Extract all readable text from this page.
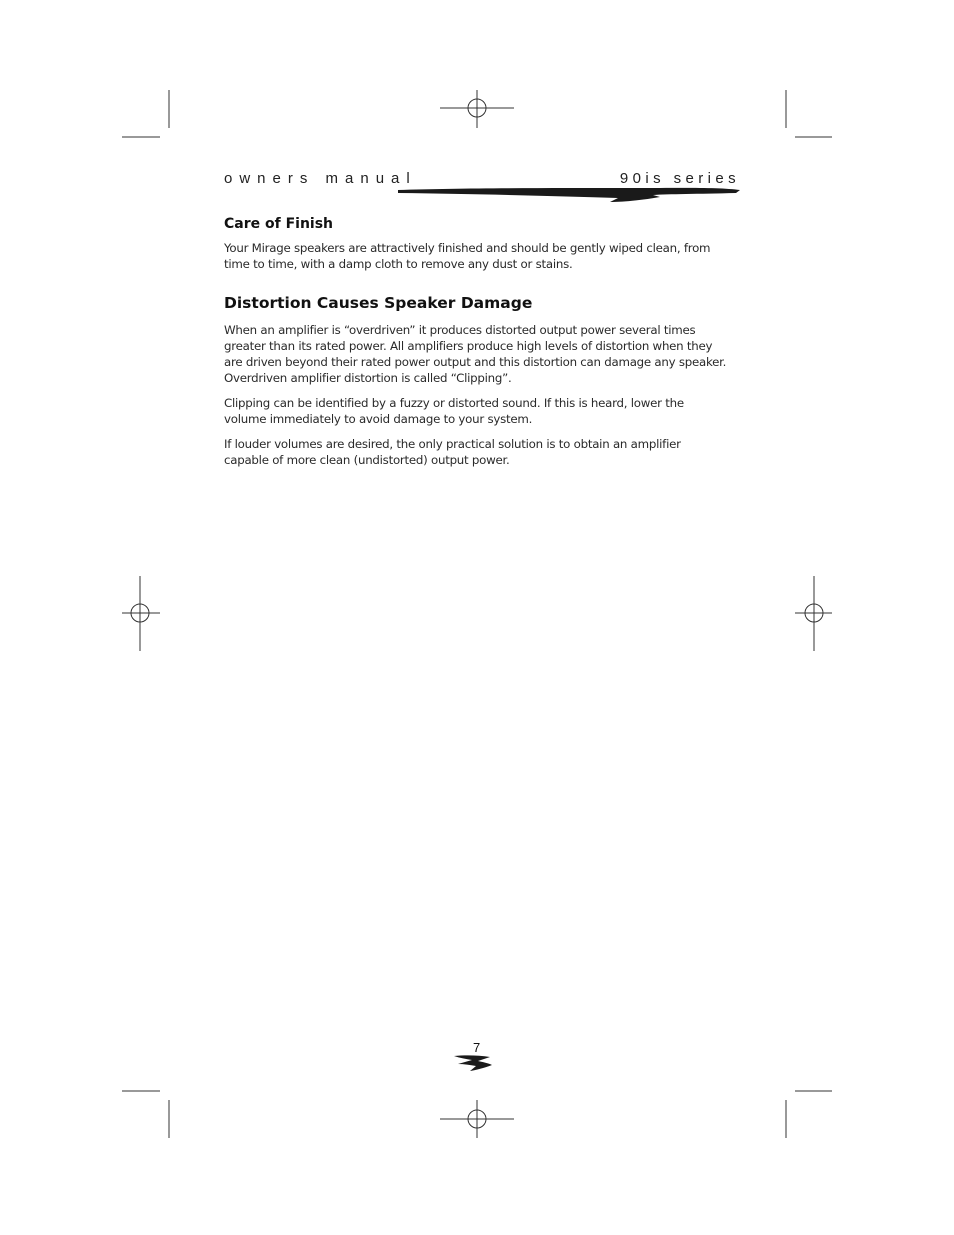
owners manual	90is series
Care of Finish

Your Mirage speakers are attractively finished and should be gently wiped clean, from time to time, with a damp cloth to remove any dust or stains.

Distortion Causes Speaker Damage

When an amplifier is “overdriven” it produces distorted output power several times greater than its rated power. All amplifiers produce high levels of distortion when they are driven beyond their rated power output and this distortion can damage any speaker. Overdriven amplifier distortion is called “Clipping”.

Clipping can be identified by a fuzzy or distorted sound. If this is heard, lower the volume immediately to avoid damage to your system.

If louder volumes are desired, the only practical solution is to obtain an amplifier capable of more clean (undistorted) output power.

7
